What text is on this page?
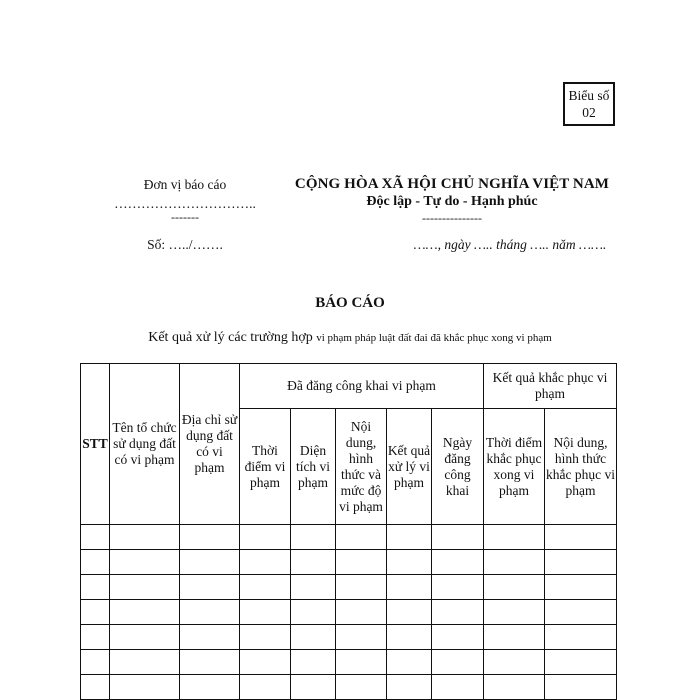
Biểu số
02
Đơn vị báo cáo
…………………………..
-------
Số: …../…….
CỘNG HÒA XÃ HỘI CHỦ NGHĨA VIỆT NAM
Độc lập - Tự do - Hạnh phúc
---------------
……, ngày ….. tháng ….. năm …….
BÁO CÁO
Kết quả xử lý các trường hợp vi phạm pháp luật đất đai đã khắc phục xong vi phạm
STT	Tên tổ chức sử dụng đất có vi phạm	Địa chỉ sử dụng đất có vi phạm	Đã đăng công khai vi phạm					Kết quả khắc phục vi phạm	
			Thời điểm vi phạm	Diện tích vi phạm	Nội dung, hình thức và mức độ vi phạm	Kết quả xử lý vi phạm	Ngày đăng công khai	Thời điểm khắc phục xong vi phạm	Nội dung, hình thức khắc phục vi phạm
